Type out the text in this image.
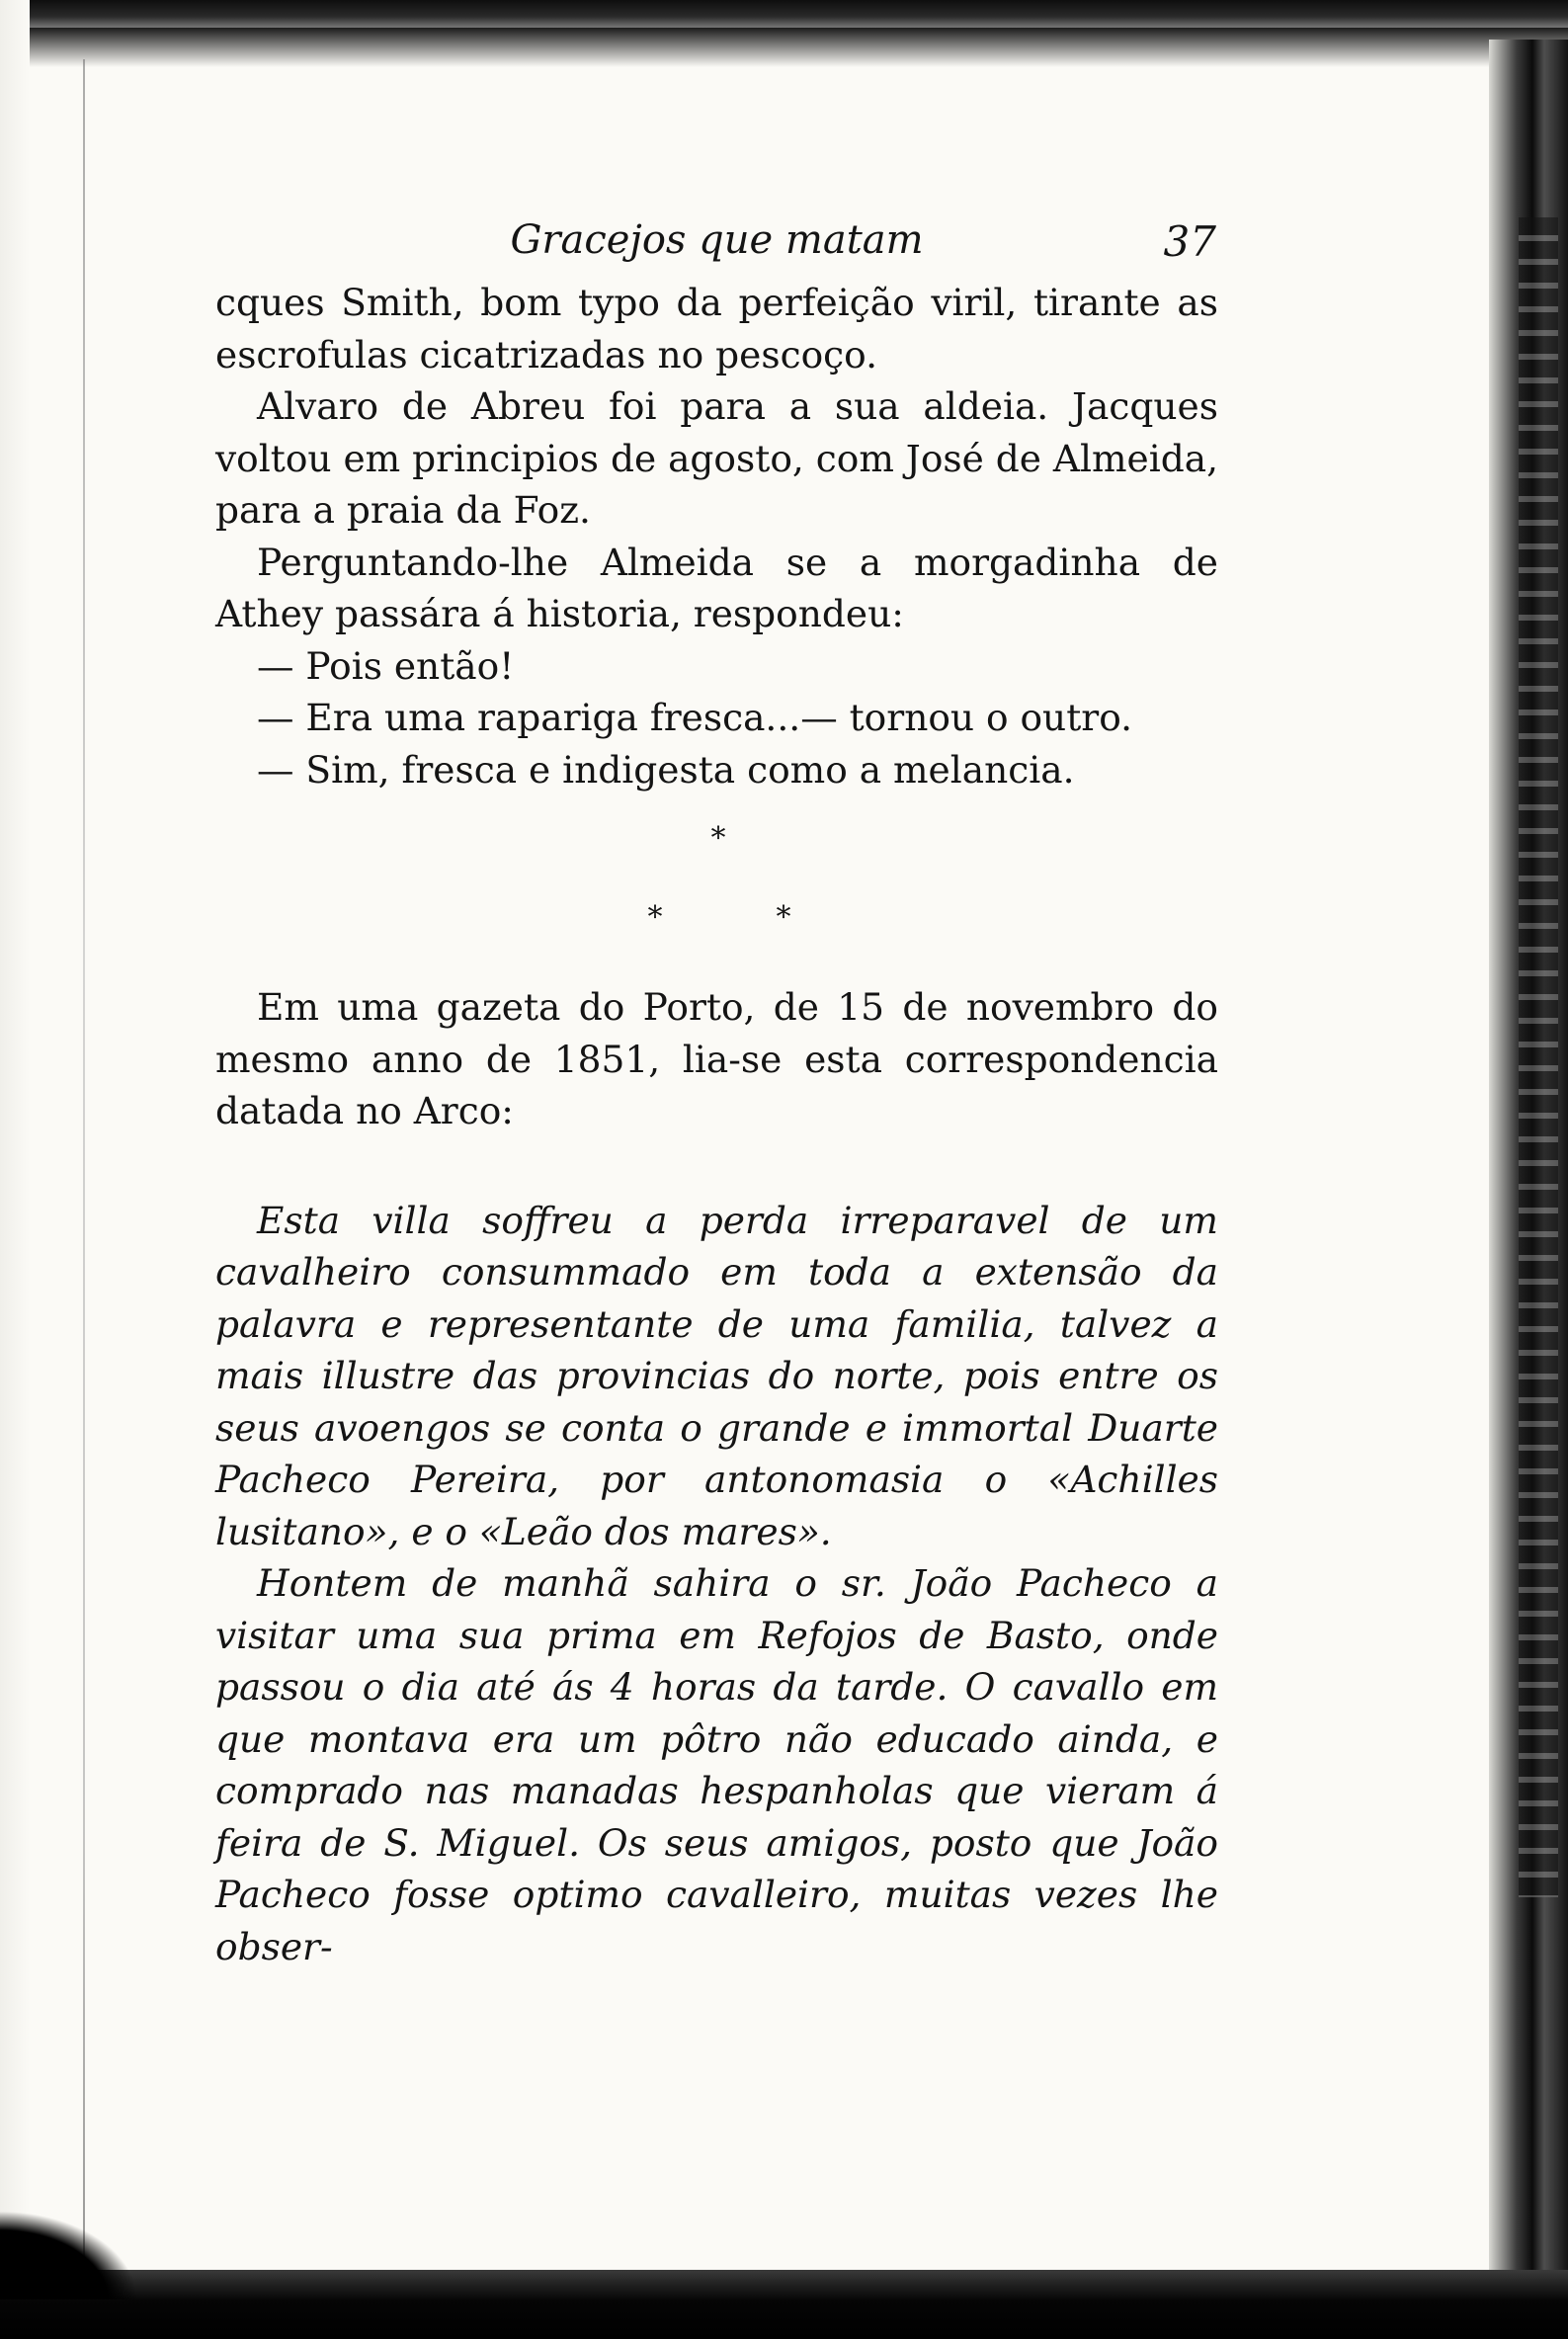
Gracejos que matam	37

cques Smith, bom typo da perfeição viril, tirante as escrofulas cicatrizadas no pescoço.

Alvaro de Abreu foi para a sua aldeia. Jacques voltou em principios de agosto, com José de Almeida, para a praia da Foz.

Perguntando-lhe Almeida se a morgadinha de Athey passára á historia, respondeu:

— Pois então!

— Era uma rapariga fresca...— tornou o outro.

— Sim, fresca e indigesta como a melancia.

*
*	*

Em uma gazeta do Porto, de 15 de novembro do mesmo anno de 1851, lia-se esta correspondencia datada no Arco:

Esta villa soffreu a perda irreparavel de um cavalheiro consummado em toda a extensão da palavra e representante de uma familia, talvez a mais illustre das provincias do norte, pois entre os seus avoengos se conta o grande e immortal Duarte Pacheco Pereira, por antonomasia o «Achilles lusitano», e o «Leão dos mares».

Hontem de manhã sahira o sr. João Pacheco a visitar uma sua prima em Refojos de Basto, onde passou o dia até ás 4 horas da tarde. O cavallo em que montava era um pôtro não educado ainda, e comprado nas manadas hespanholas que vieram á feira de S. Miguel. Os seus amigos, posto que João Pacheco fosse optimo cavalleiro, muitas vezes lhe obser-
